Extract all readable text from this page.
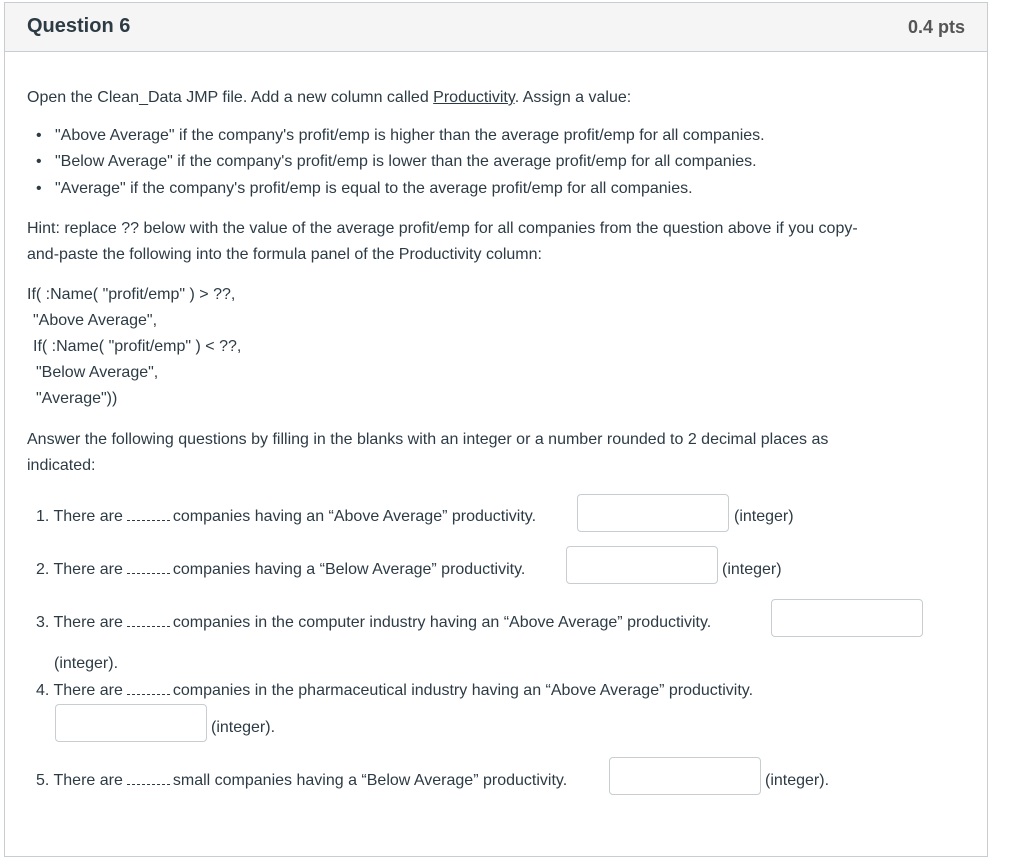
Question 6	0.4 pts
Open the Clean_Data JMP file. Add a new column called Productivity. Assign a value:
• "Above Average" if the company's profit/emp is higher than the average profit/emp for all companies.
• "Below Average" if the company's profit/emp is lower than the average profit/emp for all companies.
• "Average" if the company's profit/emp is equal to the average profit/emp for all companies.
Hint: replace ?? below with the value of the average profit/emp for all companies from the question above if you copy-
and-paste the following into the formula panel of the Productivity column:
If( :Name( "profit/emp" ) > ??,
"Above Average",
If( :Name( "profit/emp" ) < ??,
"Below Average",
"Average"))
Answer the following questions by filling in the blanks with an integer or a number rounded to 2 decimal places as
indicated:
1. There are	companies having an “Above Average” productivity.	(integer)
2. There are	companies having a “Below Average” productivity.	(integer)
3. There are	companies in the computer industry having an “Above Average” productivity.
(integer).
4. There are	companies in the pharmaceutical industry having an “Above Average” productivity.
(integer).
5. There are	small companies having a “Below Average” productivity.	(integer).
